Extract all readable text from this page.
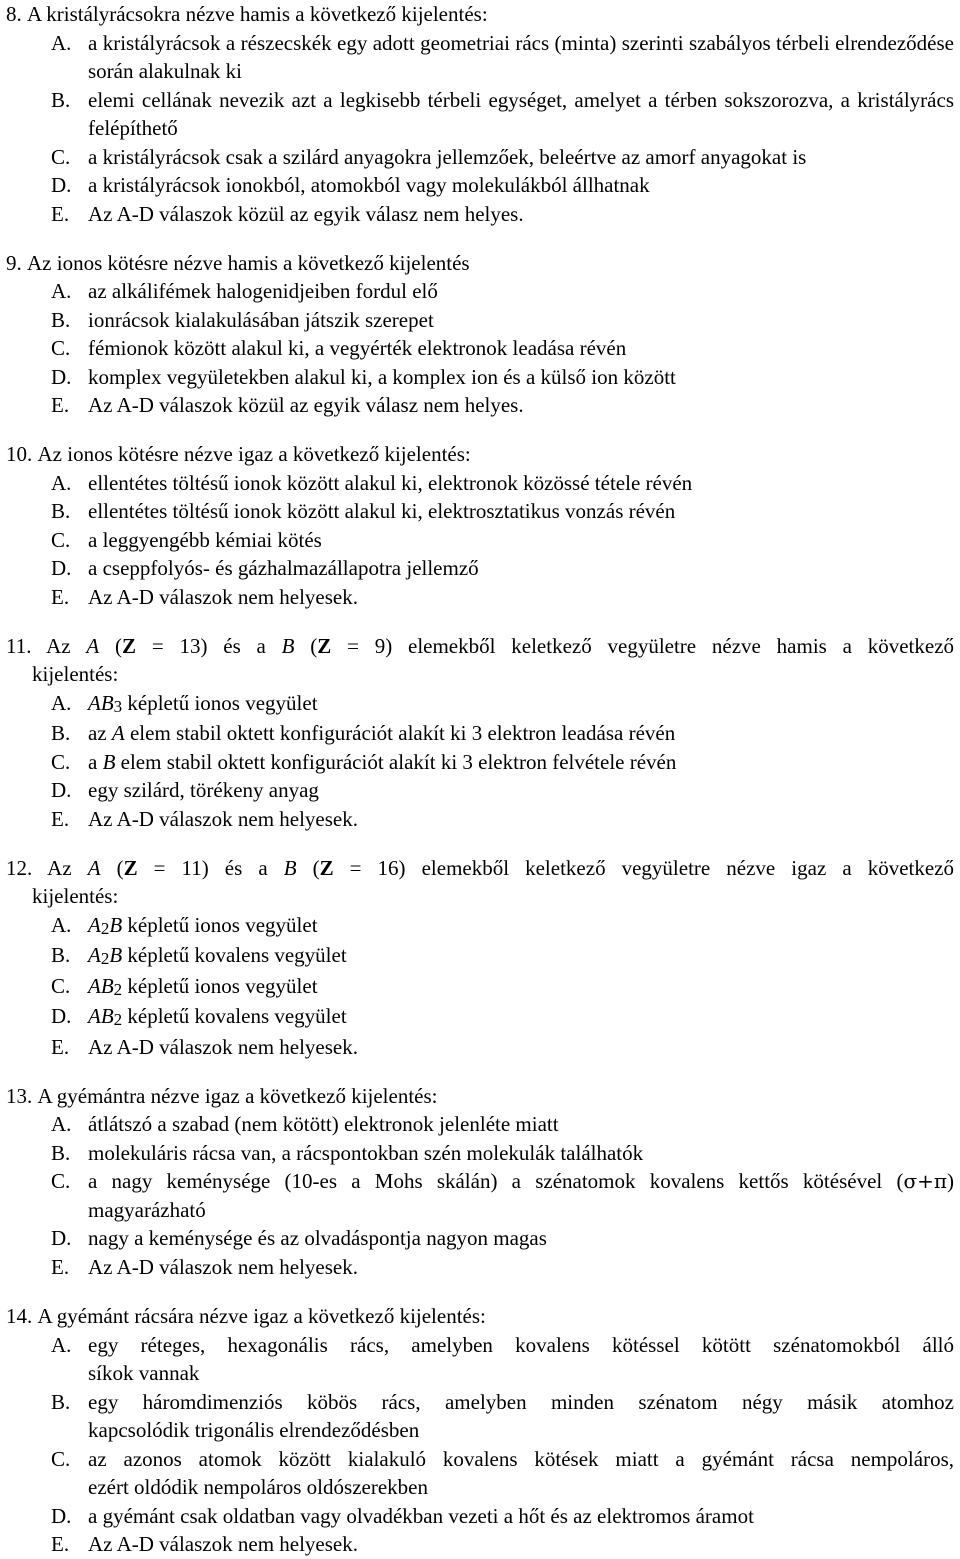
8.
A kristályrácsokra nézve hamis a következő kijelentés:
A. a kristályrácsok a részecskék egy adott geometriai rács (minta) szerinti szabályos térbeli elrendeződése során alakulnak ki
B. elemi cellának nevezik azt a legkisebb térbeli egységet, amelyet a térben sokszorozva, a kristályrács felépíthető
C. a kristályrácsok csak a szilárd anyagokra jellemzőek, beleértve az amorf anyagokat is
D. a kristályrácsok ionokból, atomokból vagy molekulákból állhatnak
E. Az A-D válaszok közül az egyik válasz nem helyes.
9.
Az ionos kötésre nézve hamis a következő kijelentés
A. az alkálifémek halogenidjeiben fordul elő
B. ionrácsok kialakulásában játszik szerepet
C. fémionok között alakul ki, a vegyérték elektronok leadása révén
D. komplex vegyületekben alakul ki, a komplex ion és a külső ion között
E. Az A-D válaszok közül az egyik válasz nem helyes.
10.
Az ionos kötésre nézve igaz a következő kijelentés:
A. ellentétes töltésű ionok között alakul ki, elektronok közössé tétele révén
B. ellentétes töltésű ionok között alakul ki, elektrosztatikus vonzás révén
C. a leggyengébb kémiai kötés
D. a cseppfolyós- és gázhalmazállapotra jellemző
E. Az A-D válaszok nem helyesek.
11. Az A (Z = 13) és a B (Z = 9) elemekből keletkező vegyületre nézve hamis a következő
kijelentés:
A. $AB_3$ képletű ionos vegyület
B. az A elem stabil oktett konfigurációt alakít ki 3 elektron leadása révén
C. a B elem stabil oktett konfigurációt alakít ki 3 elektron felvétele révén
D. egy szilárd, törékeny anyag
E. Az A-D válaszok nem helyesek.
12. Az A (Z = 11) és a B (Z = 16) elemekből keletkező vegyületre nézve igaz a következő
kijelentés:
A. $A_2B$ képletű ionos vegyület
B. $A_2B$ képletű kovalens vegyület
C. $AB_2$ képletű ionos vegyület
D. $AB_2$ képletű kovalens vegyület
E. Az A-D válaszok nem helyesek.
13.
A gyémántra nézve igaz a következő kijelentés:
A. átlátszó a szabad (nem kötött) elektronok jelenléte miatt
B. molekuláris rácsa van, a rácspontokban szén molekulák találhatók
C. a nagy keménysége (10-es a Mohs skálán) a szénatomok kovalens kettős kötésével (σ+π)
magyarázható
D. nagy a keménysége és az olvadáspontja nagyon magas
E. Az A-D válaszok nem helyesek.
14.
A gyémánt rácsára nézve igaz a következő kijelentés:
A. egy réteges, hexagonális rács, amelyben kovalens kötéssel kötött szénatomokból álló
síkok vannak
B. egy háromdimenziós köbös rács, amelyben minden szénatom négy másik atomhoz
kapcsolódik trigonális elrendeződésben
C. az azonos atomok között kialakuló kovalens kötések miatt a gyémánt rácsa nempoláros,
ezért oldódik nempoláros oldószerekben
D. a gyémánt csak oldatban vagy olvadékban vezeti a hőt és az elektromos áramot
E. Az A-D válaszok nem helyesek.
